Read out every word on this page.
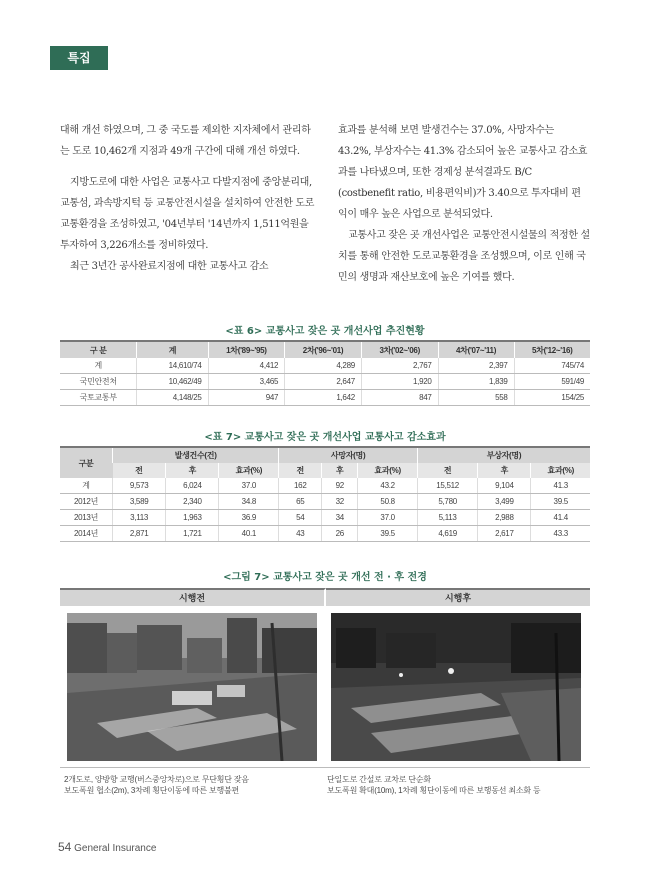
특집

대해 개선 하였으며, 그 중 국도를 제외한 지자체에서 관리하는 도로 10,462개 지점과 49개 구간에 대해 개선 하였다.

지방도로에 대한 사업은 교통사고 다발지점에 중앙분리대, 교통섬, 과속방지턱 등 교통안전시설을 설치하여 안전한 도로교통환경을 조성하였고, '04년부터 '14년까지 1,511억원을 투자하여 3,226개소를 정비하였다.

최근 3년간 공사완료지점에 대한 교통사고 감소

효과를 분석해 보면 발생건수는 37.0%, 사망자수는 43.2%, 부상자수는 41.3% 감소되어 높은 교통사고 감소효과를 나타냈으며, 또한 경제성 분석결과도 B/C (costbenefit ratio, 비용편익비)가 3.40으로 투자대비 편익이 매우 높은 사업으로 분석되었다.

교통사고 잦은 곳 개선사업은 교통안전시설물의 적정한 설치를 통해 안전한 도로교통환경을 조성했으며, 이로 인해 국민의 생명과 재산보호에 높은 기여를 했다.

<표 6> 교통사고 잦은 곳 개선사업 추진현황
구 분	계	1차('89~'95)	2차('96~'01)	3차('02~'06)	4차('07~'11)	5차('12~'16)
계	14,610/74	4,412	4,289	2,767	2,397	745/74
국민안전처	10,462/49	3,465	2,647	1,920	1,839	591/49
국토교통부	4,148/25	947	1,642	847	558	154/25
<표 7> 교통사고 잦은 곳 개선사업 교통사고 감소효과
구분	발생건수(건)			사망자(명)			부상자(명)		
	전	후	효과(%)	전	후	효과(%)	전	후	효과(%)
계	9,573	6,024	37.0	162	92	43.2	15,512	9,104	41.3
2012년	3,589	2,340	34.8	65	32	50.8	5,780	3,499	39.5
2013년	3,113	1,963	36.9	54	34	37.0	5,113	2,988	41.4
2014년	2,871	1,721	40.1	43	26	39.5	4,619	2,617	43.3
<그림 7> 교통사고 잦은 곳 개선 전 · 후 전경
시행전	시행후
2개도로, 양방향 교행(버스중앙차로)으로 무단횡단 잦음
보도폭원 협소(2m), 3차례 횡단이동에 따른 보행불편
단일도로 간설로 교차로 단순화
보도폭원 확대(10m), 1차례 횡단이동에 따른 보행동선 최소화 등
54 General Insurance
